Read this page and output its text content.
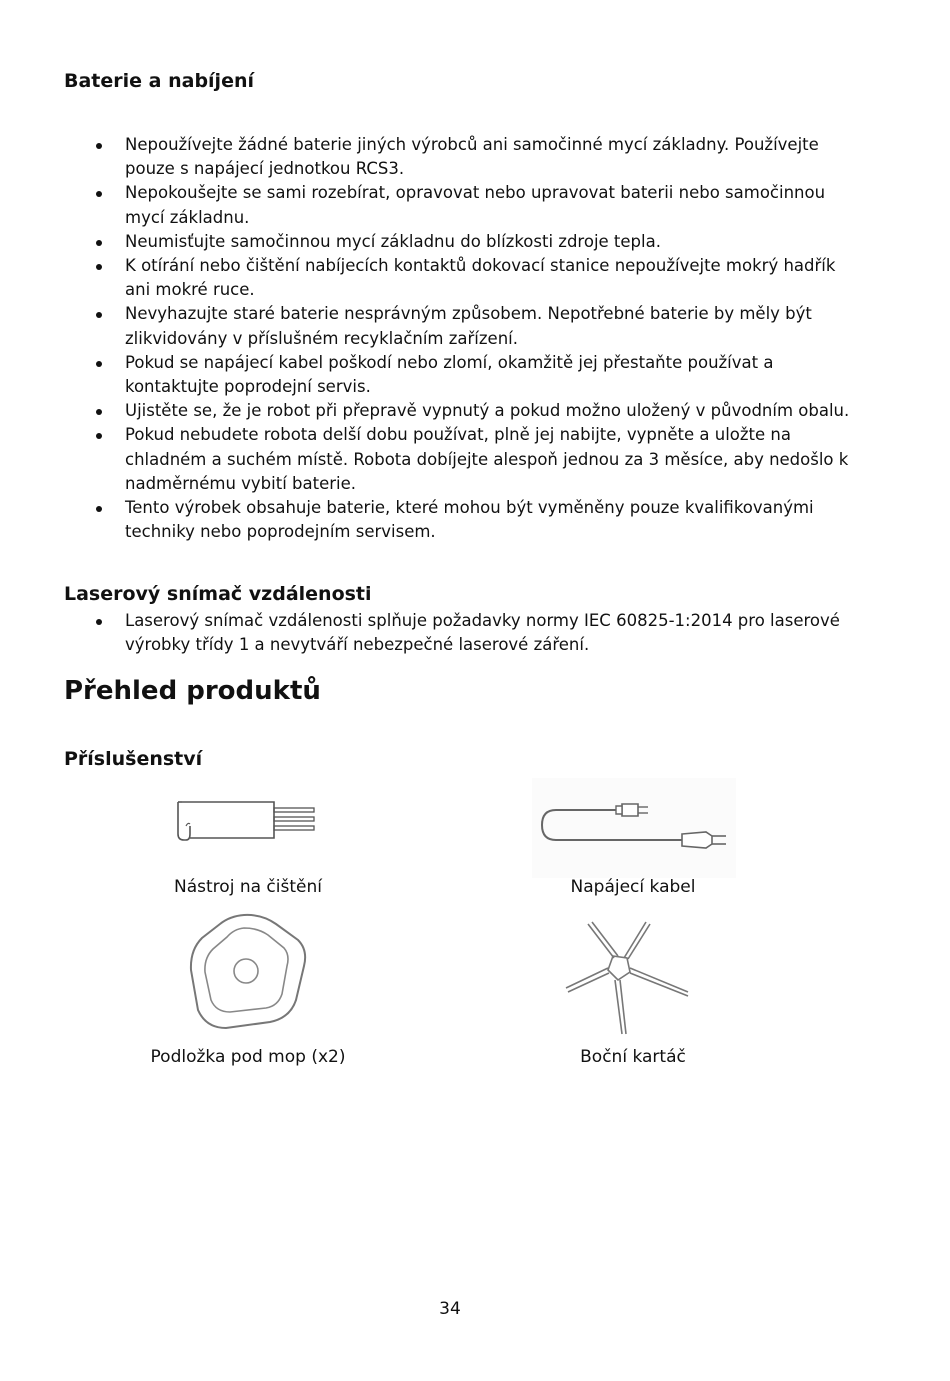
Baterie a nabíjení
Nepoužívejte žádné baterie jiných výrobců ani samočinné mycí základny. Používejte pouze s napájecí jednotkou RCS3.
Nepokoušejte se sami rozebírat, opravovat nebo upravovat baterii nebo samočinnou mycí základnu.
Neumisťujte samočinnou mycí základnu do blízkosti zdroje tepla.
K otírání nebo čištění nabíjecích kontaktů dokovací stanice nepoužívejte mokrý hadřík ani mokré ruce.
Nevyhazujte staré baterie nesprávným způsobem. Nepotřebné baterie by měly být zlikvidovány v příslušném recyklačním zařízení.
Pokud se napájecí kabel poškodí nebo zlomí, okamžitě jej přestaňte používat a kontaktujte poprodejní servis.
Ujistěte se, že je robot při přepravě vypnutý a pokud možno uložený v původním obalu.
Pokud nebudete robota delší dobu používat, plně jej nabijte, vypněte a uložte na chladném a suchém místě. Robota dobíjejte alespoň jednou za 3 měsíce, aby nedošlo k nadměrnému vybití baterie.
Tento výrobek obsahuje baterie, které mohou být vyměněny pouze kvalifikovanými techniky nebo poprodejním servisem.
Laserový snímač vzdálenosti
Laserový snímač vzdálenosti splňuje požadavky normy IEC 60825-1:2014 pro laserové výrobky třídy 1 a nevytváří nebezpečné laserové záření.
Přehled produktů
Příslušenství
Nástroj na čištění	Napájecí kabel
Podložka pod mop (x2)	Boční kartáč
34
